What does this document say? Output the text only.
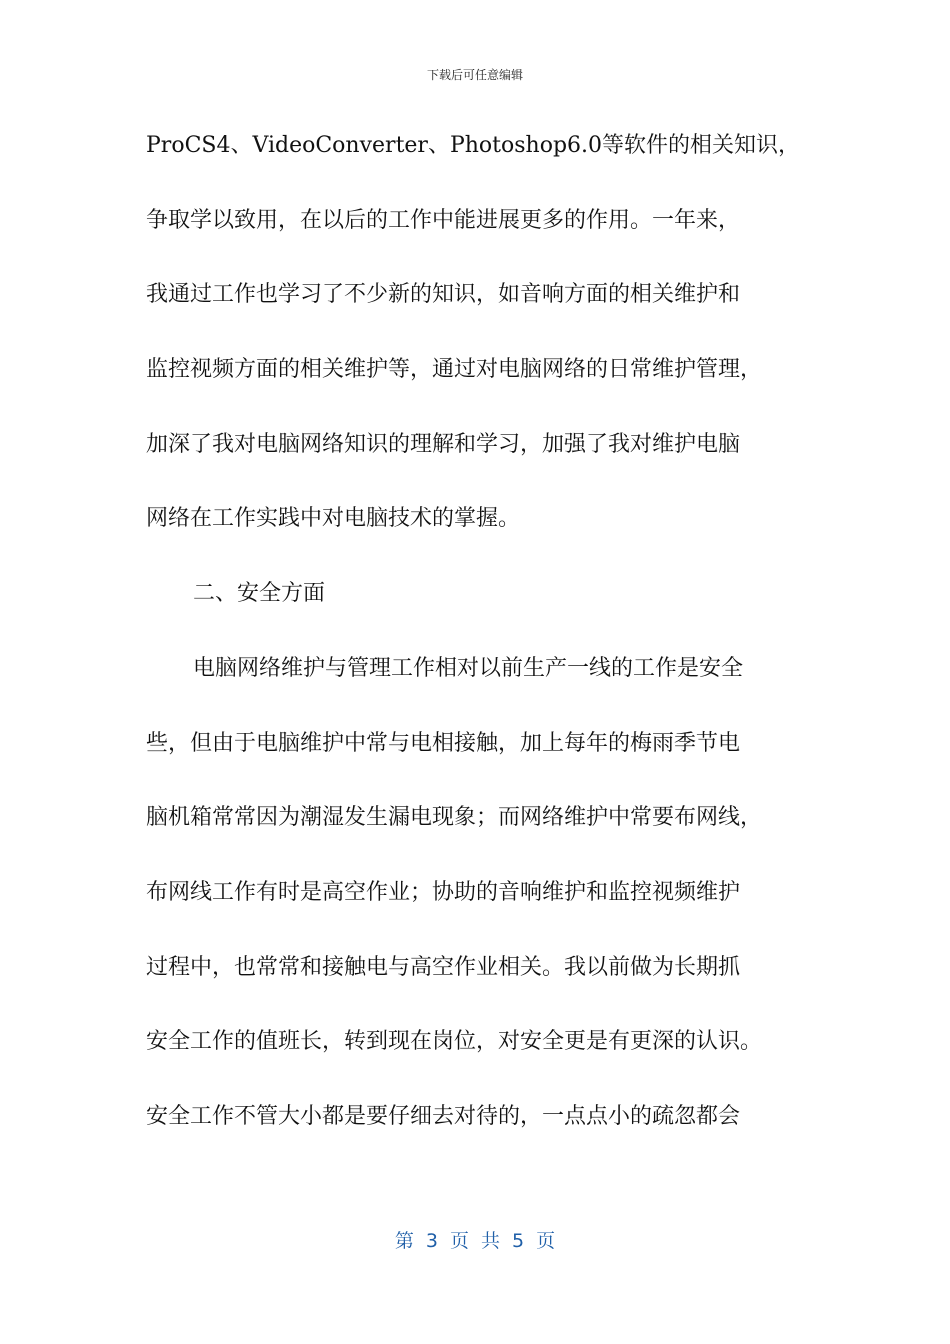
下载后可任意编辑
ProCS4、VideoConverter、Photoshop6.0等软件的相关知识，
争取学以致用，在以后的工作中能进展更多的作用。一年来，
我通过工作也学习了不少新的知识，如音响方面的相关维护和
监控视频方面的相关维护等，通过对电脑网络的日常维护管理，
加深了我对电脑网络知识的理解和学习，加强了我对维护电脑
网络在工作实践中对电脑技术的掌握。
二、安全方面
电脑网络维护与管理工作相对以前生产一线的工作是安全
些，但由于电脑维护中常与电相接触，加上每年的梅雨季节电
脑机箱常常因为潮湿发生漏电现象；而网络维护中常要布网线，
布网线工作有时是高空作业；协助的音响维护和监控视频维护
过程中，也常常和接触电与高空作业相关。我以前做为长期抓
安全工作的值班长，转到现在岗位，对安全更是有更深的认识。
安全工作不管大小都是要仔细去对待的，一点点小的疏忽都会
第 3 页 共 5 页
